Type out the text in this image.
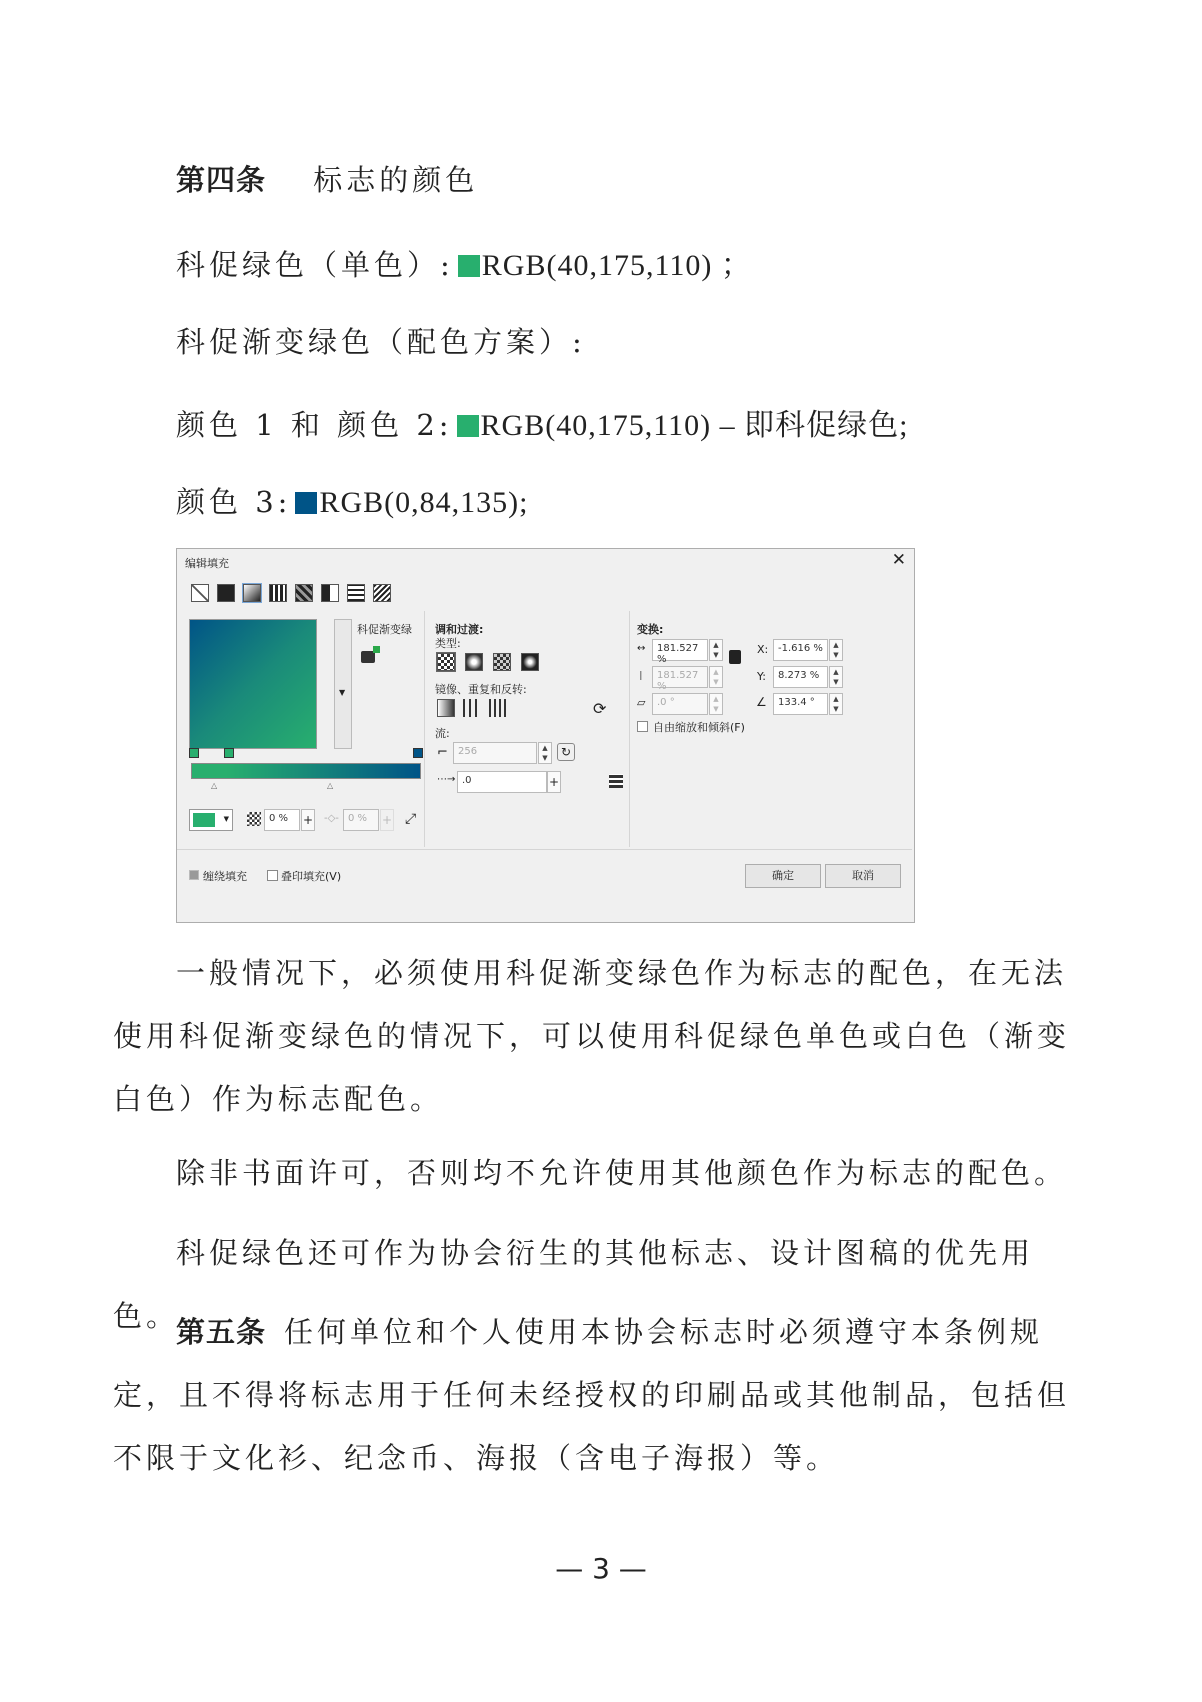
第四条 标志的颜色
科促绿色（单色）: RGB(40,175,110) ；
科促渐变绿色（配色方案）:
颜色 1 和 颜色 2: RGB(40,175,110) – 即科促绿色;
颜色 3: RGB(0,84,135);
编辑填充	✕
▼
科促渐变绿
△	△
▼	0 %	+ -◇- 0 %	+ ⤢
调和过渡:
类型:
镜像、重复和反转:
⟳
流:
⌐	256	▲
▼	↻
⋯→ .0	+
变换:
↔	181.527 %
▲
▼
I	181.527 %
▲
▼
▱	.0 °	▲
▼
X: -1.616 %	▲
▼
Y:	8.273 %	▲
▼
∠	133.4 °	▲
▼
自由缩放和倾斜(F)
缠绕填充	叠印填充(V)	确定	取消
一般情况下，必须使用科促渐变绿色作为标志的配色，在无法使用科促渐变绿色的情况下，可以使用科促绿色单色或白色（渐变白色）作为标志配色。
除非书面许可，否则均不允许使用其他颜色作为标志的配色。
科促绿色还可作为协会衍生的其他标志、设计图稿的优先用色。
第五条 任何单位和个人使用本协会标志时必须遵守本条例规定，且不得将标志用于任何未经授权的印刷品或其他制品，包括但不限于文化衫、纪念币、海报（含电子海报）等。
— 3 —
